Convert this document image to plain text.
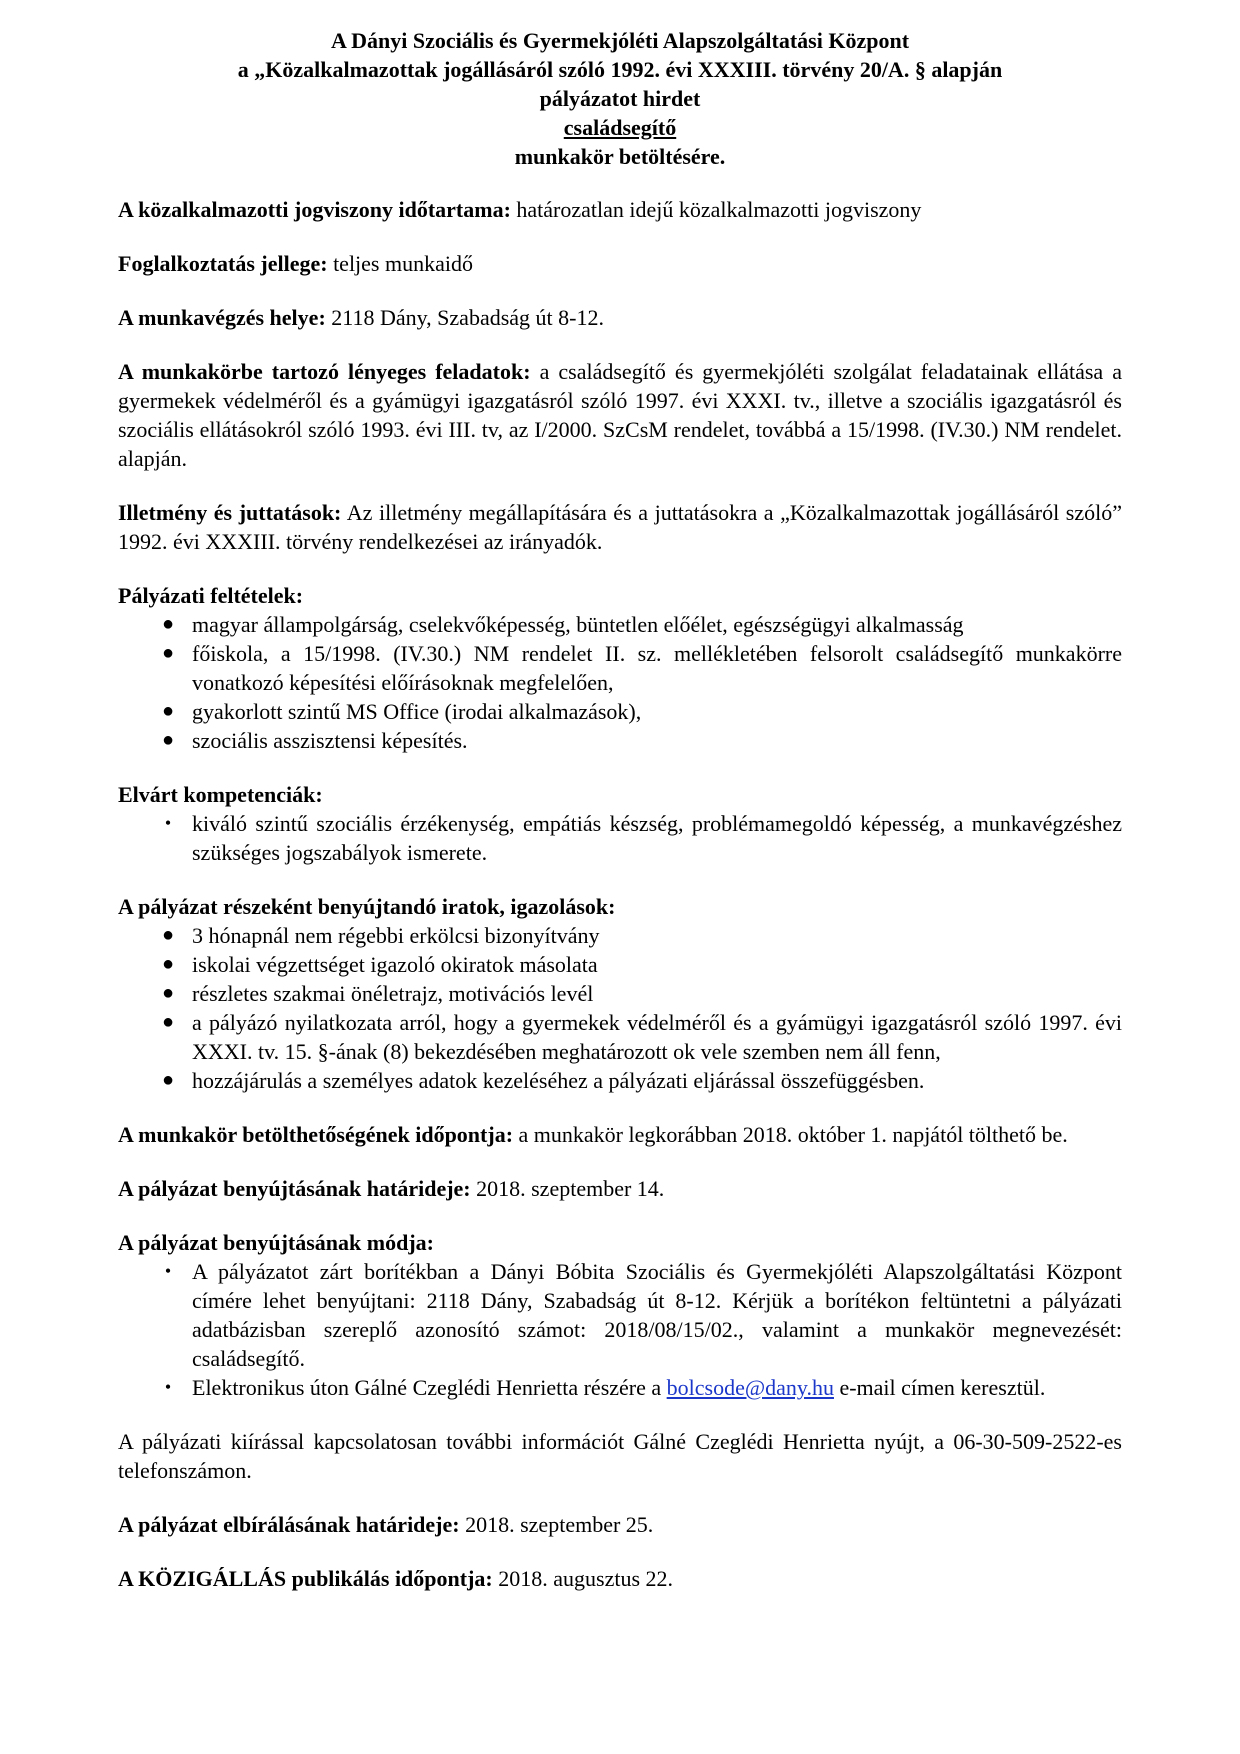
A Dányi Szociális és Gyermekjóléti Alapszolgáltatási Központ
a „Közalkalmazottak jogállásáról szóló 1992. évi XXXIII. törvény 20/A. § alapján
pályázatot hirdet
családsegítő
munkakör betöltésére.

A közalkalmazotti jogviszony időtartama: határozatlan idejű közalkalmazotti jogviszony

Foglalkoztatás jellege: teljes munkaidő

A munkavégzés helye: 2118 Dány, Szabadság út 8-12.

A munkakörbe tartozó lényeges feladatok: a családsegítő és gyermekjóléti szolgálat feladatainak ellátása a gyermekek védelméről és a gyámügyi igazgatásról szóló 1997. évi XXXI. tv., illetve a szociális igazgatásról és szociális ellátásokról szóló 1993. évi III. tv, az I/2000. SzCsM rendelet, továbbá a 15/1998. (IV.30.) NM rendelet. alapján.

Illetmény és juttatások: Az illetmény megállapítására és a juttatásokra a „Közalkalmazottak jogállásáról szóló” 1992. évi XXXIII. törvény rendelkezései az irányadók.

Pályázati feltételek:
● magyar állampolgárság, cselekvőképesség, büntetlen előélet, egészségügyi alkalmasság
● főiskola, a 15/1998. (IV.30.) NM rendelet II. sz. mellékletében felsorolt családsegítő munkakörre vonatkozó képesítési előírásoknak megfelelően,
● gyakorlott szintű MS Office (irodai alkalmazások),
● szociális asszisztensi képesítés.
Elvárt kompetenciák:
• kiváló szintű szociális érzékenység, empátiás készség, problémamegoldó képesség, a munkavégzéshez szükséges jogszabályok ismerete.
A pályázat részeként benyújtandó iratok, igazolások:
● 3 hónapnál nem régebbi erkölcsi bizonyítvány
● iskolai végzettséget igazoló okiratok másolata
● részletes szakmai önéletrajz, motivációs levél
● a pályázó nyilatkozata arról, hogy a gyermekek védelméről és a gyámügyi igazgatásról szóló 1997. évi XXXI. tv. 15. §-ának (8) bekezdésében meghatározott ok vele szemben nem áll fenn,
● hozzájárulás a személyes adatok kezeléséhez a pályázati eljárással összefüggésben.

A munkakör betölthetőségének időpontja: a munkakör legkorábban 2018. október 1. napjától tölthető be.

A pályázat benyújtásának határideje: 2018. szeptember 14.

A pályázat benyújtásának módja:
• A pályázatot zárt borítékban a Dányi Bóbita Szociális és Gyermekjóléti Alapszolgáltatási Központ címére lehet benyújtani: 2118 Dány, Szabadság út 8-12. Kérjük a borítékon feltüntetni a pályázati adatbázisban szereplő azonosító számot: 2018/08/15/02., valamint a munkakör megnevezését: családsegítő.
• Elektronikus úton Gálné Czeglédi Henrietta részére a bolcsode@dany.hu e-mail címen keresztül.

A pályázati kiírással kapcsolatosan további információt Gálné Czeglédi Henrietta nyújt, a 06-30-509-2522-es telefonszámon.

A pályázat elbírálásának határideje: 2018. szeptember 25.

A KÖZIGÁLLÁS publikálás időpontja: 2018. augusztus 22.
